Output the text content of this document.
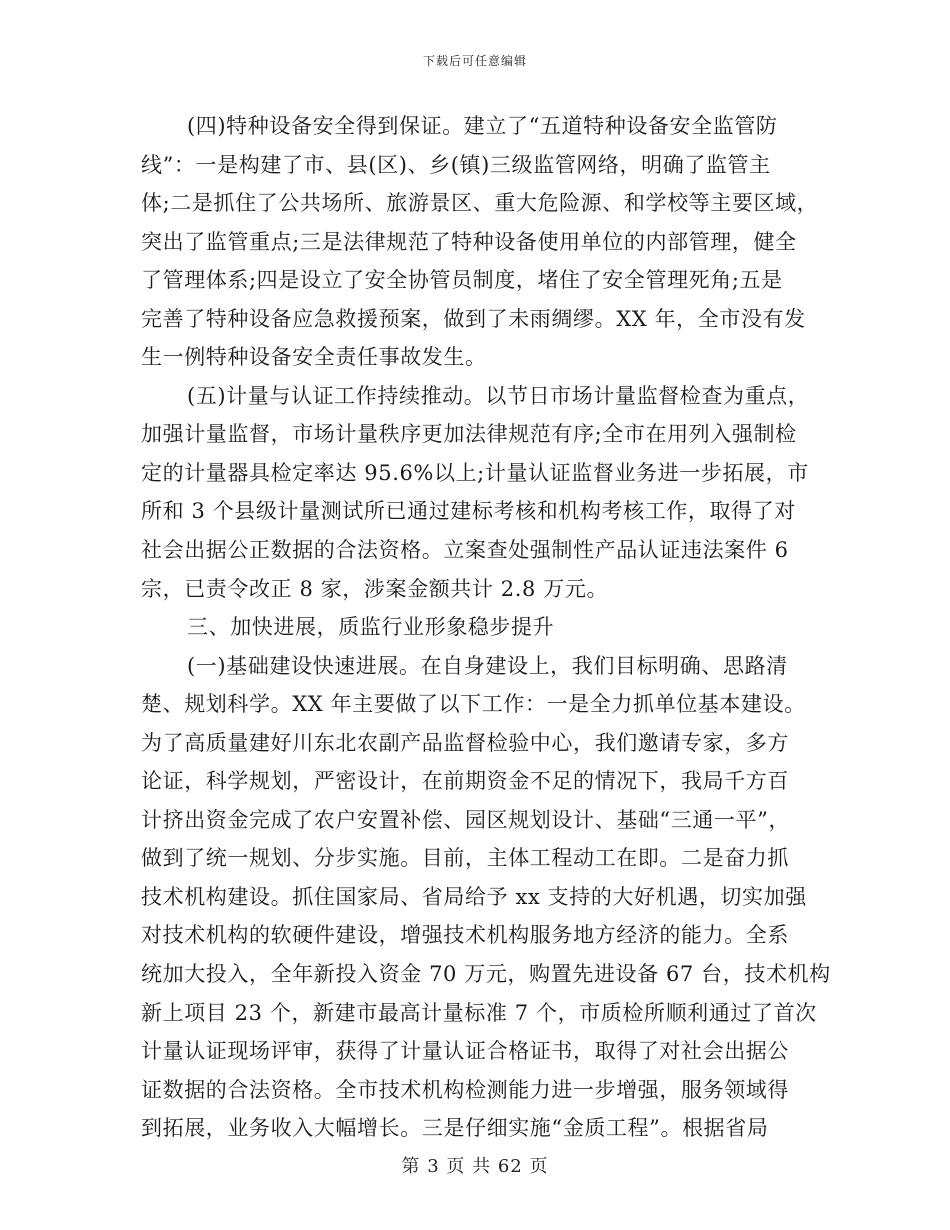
下载后可任意编辑
(四)特种设备安全得到保证。建立了“五道特种设备安全监管防
线”：一是构建了市、县(区)、乡(镇)三级监管网络，明确了监管主
体;二是抓住了公共场所、旅游景区、重大危险源、和学校等主要区域，
突出了监管重点;三是法律规范了特种设备使用单位的内部管理，健全
了管理体系;四是设立了安全协管员制度，堵住了安全管理死角;五是
完善了特种设备应急救援预案，做到了未雨绸缪。XX 年，全市没有发
生一例特种设备安全责任事故发生。
(五)计量与认证工作持续推动。以节日市场计量监督检查为重点，
加强计量监督，市场计量秩序更加法律规范有序;全市在用列入强制检
定的计量器具检定率达 95.6%以上;计量认证监督业务进一步拓展，市
所和 3 个县级计量测试所已通过建标考核和机构考核工作，取得了对
社会出据公正数据的合法资格。立案查处强制性产品认证违法案件 6
宗，已责令改正 8 家，涉案金额共计 2.8 万元。
三、加快进展，质监行业形象稳步提升
(一)基础建设快速进展。在自身建设上，我们目标明确、思路清
楚、规划科学。XX 年主要做了以下工作：一是全力抓单位基本建设。
为了高质量建好川东北农副产品监督检验中心，我们邀请专家，多方
论证，科学规划，严密设计，在前期资金不足的情况下，我局千方百
计挤出资金完成了农户安置补偿、园区规划设计、基础“三通一平”，
做到了统一规划、分步实施。目前，主体工程动工在即。二是奋力抓
技术机构建设。抓住国家局、省局给予 xx 支持的大好机遇，切实加强
对技术机构的软硬件建设，增强技术机构服务地方经济的能力。全系
统加大投入，全年新投入资金 70 万元，购置先进设备 67 台，技术机构
新上项目 23 个，新建市最高计量标准 7 个，市质检所顺利通过了首次
计量认证现场评审，获得了计量认证合格证书，取得了对社会出据公
证数据的合法资格。全市技术机构检测能力进一步增强，服务领域得
到拓展，业务收入大幅增长。三是仔细实施“金质工程”。根据省局
第 3 页 共 62 页
